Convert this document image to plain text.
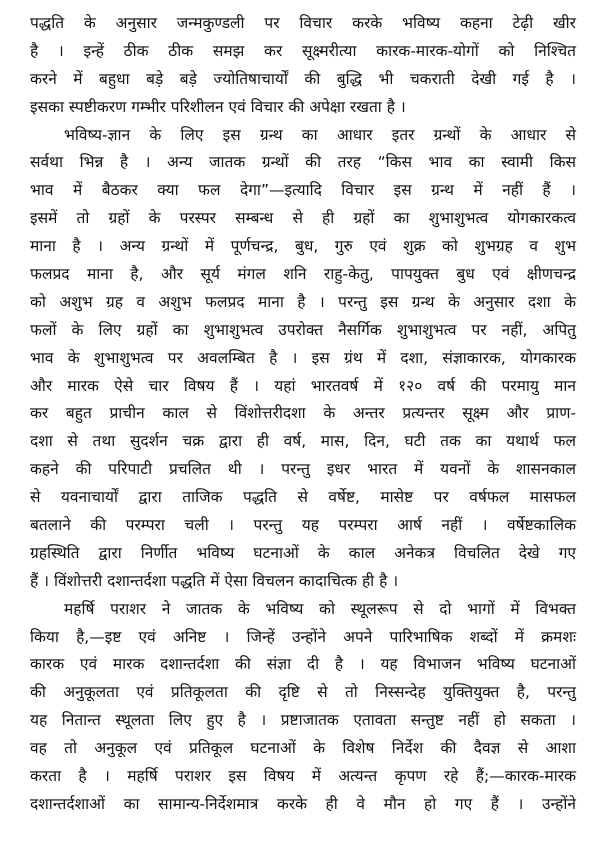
पद्धति के अनुसार जन्मकुण्डली पर विचार करके भविष्य कहना टेढ़ी खीर
है । इन्हें ठीक ठीक समझ कर सूक्ष्मरीत्या कारक-मारक-योगों को निश्चित
करने में बहुधा बड़े बड़े ज्योतिषाचार्यों की बुद्धि भी चकराती देखी गई है ।
इसका स्पष्टीकरण गम्भीर परिशीलन एवं विचार की अपेक्षा रखता है ।
भविष्य-ज्ञान के लिए इस ग्रन्थ का आधार इतर ग्रन्थों के आधार से
सर्वथा भिन्न है । अन्य जातक ग्रन्थों की तरह “किस भाव का स्वामी किस
भाव में बैठकर क्या फल देगा”—इत्यादि विचार इस ग्रन्थ में नहीं हैं ।
इसमें तो ग्रहों के परस्पर सम्बन्ध से ही ग्रहों का शुभाशुभत्व योगकारकत्व
माना है । अन्य ग्रन्थों में पूर्णचन्द्र, बुध, गुरु एवं शुक्र को शुभग्रह व शुभ
फलप्रद माना है, और सूर्य मंगल शनि राहु-केतु, पापयुक्त बुध एवं क्षीणचन्द्र
को अशुभ ग्रह व अशुभ फलप्रद माना है । परन्तु इस ग्रन्थ के अनुसार दशा के
फलों के लिए ग्रहों का शुभाशुभत्व उपरोक्त नैसर्गिक शुभाशुभत्व पर नहीं, अपितु
भाव के शुभाशुभत्व पर अवलम्बित है । इस ग्रंथ में दशा, संज्ञाकारक, योगकारक
और मारक ऐसे चार विषय हैं । यहां भारतवर्ष में १२० वर्ष की परमायु मान
कर बहुत प्राचीन काल से विंशोत्तरीदशा के अन्तर प्रत्यन्तर सूक्ष्म और प्राण-
दशा से तथा सुदर्शन चक्र द्वारा ही वर्ष, मास, दिन, घटी तक का यथार्थ फल
कहने की परिपाटी प्रचलित थी । परन्तु इधर भारत में यवनों के शासनकाल
से यवनाचार्यों द्वारा ताजिक पद्धति से वर्षेष्ट, मासेष्ट पर वर्षफल मासफल
बतलाने की परम्परा चली । परन्तु यह परम्परा आर्ष नहीं । वर्षेष्टकालिक
ग्रहस्थिति द्वारा निर्णीत भविष्य घटनाओं के काल अनेकत्र विचलित देखे गए
हैं । विंशोत्तरी दशान्तर्दशा पद्धति में ऐसा विचलन कादाचित्क ही है ।
महर्षि पराशर ने जातक के भविष्य को स्थूलरूप से दो भागों में विभक्त
किया है,—इष्ट एवं अनिष्ट । जिन्हें उन्होंने अपने पारिभाषिक शब्दों में क्रमशः
कारक एवं मारक दशान्तर्दशा की संज्ञा दी है । यह विभाजन भविष्य घटनाओं
की अनुकूलता एवं प्रतिकूलता की दृष्टि से तो निस्सन्देह युक्तियुक्त है, परन्तु
यह नितान्त स्थूलता लिए हुए है । प्रष्टाजातक एतावता सन्तुष्ट नहीं हो सकता ।
वह तो अनुकूल एवं प्रतिकूल घटनाओं के विशेष निर्देश की दैवज्ञ से आशा
करता है । महर्षि पराशर इस विषय में अत्यन्त कृपण रहे हैं;—कारक-मारक
दशान्तर्दशाओं का सामान्य-निर्देशमात्र करके ही वे मौन हो गए हैं । उन्होंने
